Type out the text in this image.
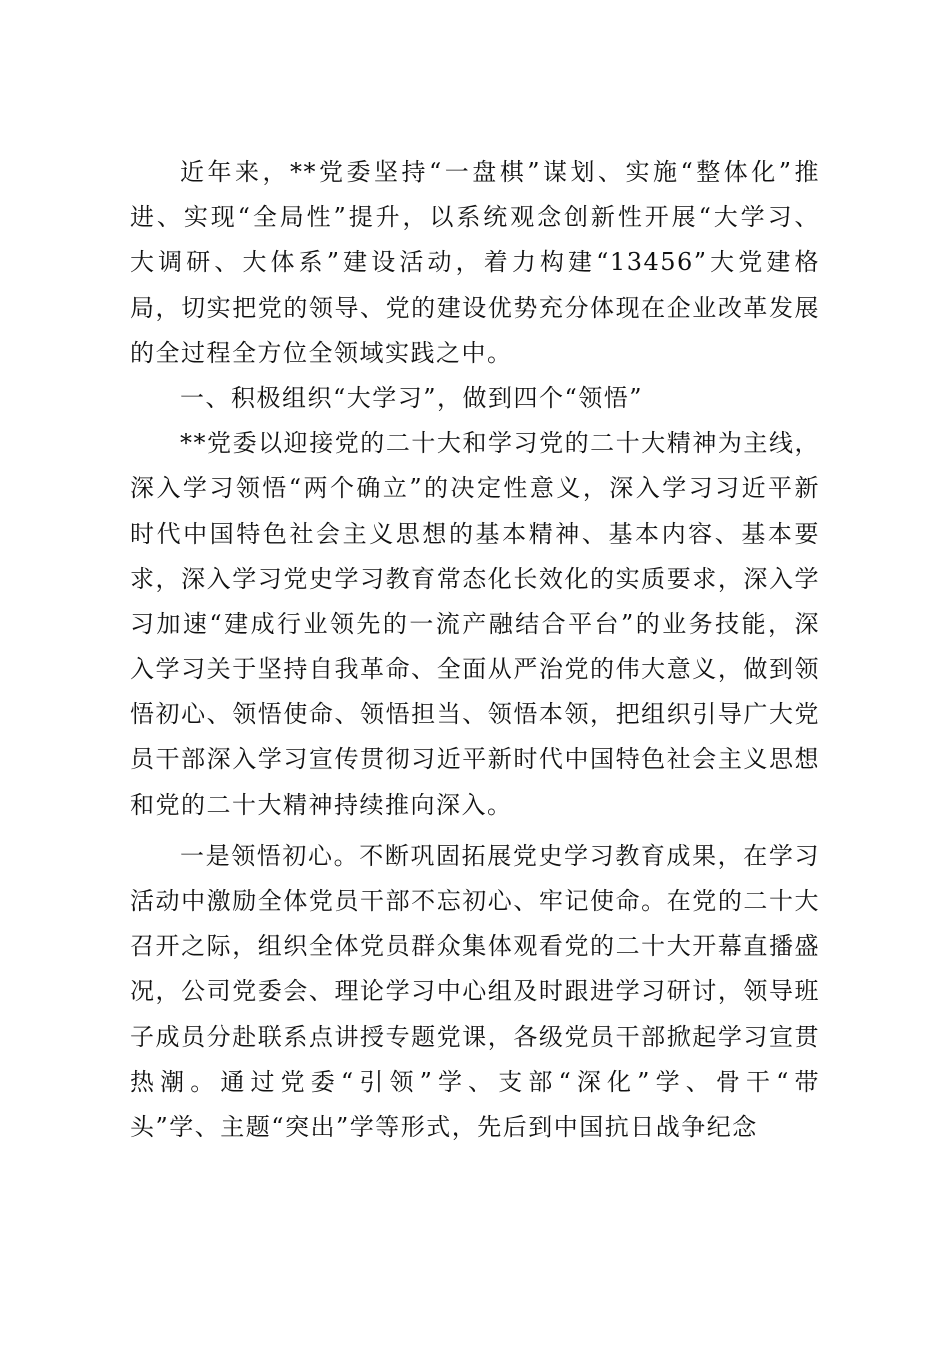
近年来，**党委坚持“一盘棋”谋划、实施“整体化”推
进、实现“全局性”提升，以系统观念创新性开展“大学习、
大调研、大体系”建设活动，着力构建“13456”大党建格
局，切实把党的领导、党的建设优势充分体现在企业改革发展
的全过程全方位全领域实践之中。
一、积极组织“大学习”，做到四个“领悟”
**党委以迎接党的二十大和学习党的二十大精神为主线，
深入学习领悟“两个确立”的决定性意义，深入学习习近平新
时代中国特色社会主义思想的基本精神、基本内容、基本要
求，深入学习党史学习教育常态化长效化的实质要求，深入学
习加速“建成行业领先的一流产融结合平台”的业务技能，深
入学习关于坚持自我革命、全面从严治党的伟大意义，做到领
悟初心、领悟使命、领悟担当、领悟本领，把组织引导广大党
员干部深入学习宣传贯彻习近平新时代中国特色社会主义思想
和党的二十大精神持续推向深入。
一是领悟初心。不断巩固拓展党史学习教育成果，在学习
活动中激励全体党员干部不忘初心、牢记使命。在党的二十大
召开之际，组织全体党员群众集体观看党的二十大开幕直播盛
况，公司党委会、理论学习中心组及时跟进学习研讨，领导班
子成员分赴联系点讲授专题党课，各级党员干部掀起学习宣贯
热潮。通过党委“引领”学、支部“深化”学、骨干“带
头”学、主题“突出”学等形式，先后到中国抗日战争纪念
